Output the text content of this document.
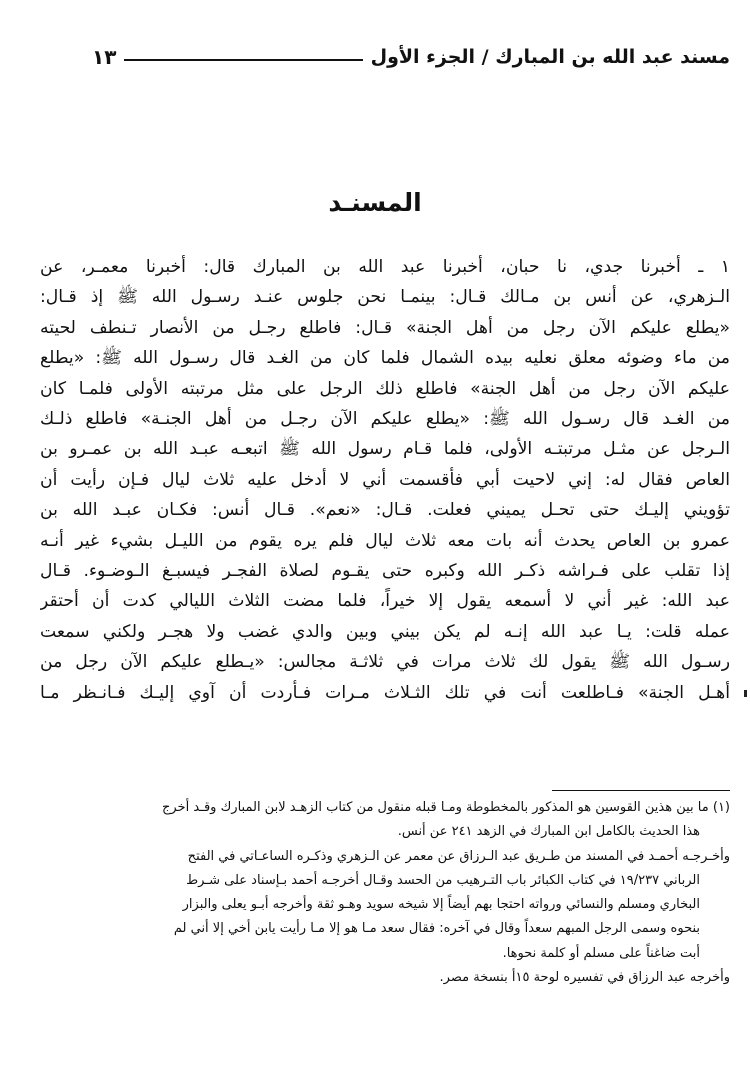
مسند عبد الله بن المبارك / الجزء الأول
١٣
المسنـد
١ ـ أخبرنا جدي، نا حبان، أخبرنا عبد الله بن المبارك قال: أخبرنا معمـر، عن
الـزهري، عن أنس بن مـالك قـال: بينمـا نحن جلوس عنـد رسـول الله ﷺ إذ قـال:
«يطلع عليكم الآن رجل من أهل الجنة» قـال: فاطلع رجـل من الأنصار تـنطف لحيته
من ماء وضوئه معلق نعليه بيده الشمال فلما كان من الغـد قال رسـول الله ﷺ: «يطلع
عليكم الآن رجل من أهل الجنة» فاطلع ذلك الرجل على مثل مرتبته الأولى فلمـا كان
من الغـد قال رسـول الله ﷺ: «يطلع عليكم الآن رجـل من أهل الجنـة» فاطلع ذلـك
الـرجل عن مثـل مرتبتـه الأولى، فلما قـام رسول الله ﷺ اتبعـه عبـد الله بن عمـرو بن
العاص فقال له: إني لاحيت أبي فأقسمت أني لا أدخل عليه ثلاث ليال فـإن رأيت أن
تؤويني إليـك حتى تحـل يميني فعلت. قـال: «نعم». قـال أنس: فكـان عبـد الله بن
عمرو بن العاص يحدث أنه بات معه ثلاث ليال فلم يره يقوم من الليـل بشيء غير أنـه
إذا تقلب على فـراشه ذكـر الله وكبره حتى يقـوم لصلاة الفجـر فيسبـغ الـوضـوء. قـال
عبد الله: غير أني لا أسمعه يقول إلا خيراً، فلما مضت الثلاث الليالي كدت أن أحتقر
عمله قلت: يـا عبد الله إنـه لم يكن بيني وبين والدي غضب ولا هجـر ولكني سمعت
رسـول الله ﷺ يقول لك ثلاث مرات في ثلاثـة مجالس: «يـطلع عليكم الآن رجل من
أهـل الجنة» فـاطلعت أنت في تلك الثـلاث مـرات فـأردت أن آوي إليـك فـانـظر مـا
(١) ما بين هذين القوسين هو المذكور بالمخطوطة ومـا قبله منقول من كتاب الزهـد لابن المبارك وقـد أخرج
هذا الحديث بالكامل ابن المبارك في الزهد ٢٤١ عن أنس.
وأخـرجـه أحمـد في المسند من طـريق عبد الـرزاق عن معمر عن الـزهري وذكـره الساعـاتي في الفتح
الرباني ١٩/٢٣٧ في كتاب الكبائر باب التـرهيب من الحسد وقـال أخرجـه أحمد بـإسناد على شـرط
البخاري ومسلم والنسائي ورواته احتجا بهم أيضاً إلا شيخه سويد وهـو ثقة وأخرجه أبـو يعلى والبزار
بنحوه وسمى الرجل المبهم سعداً وقال في آخره: فقال سعد مـا هو إلا مـا رأيت يابن أخي إلا أني لم
أبت ضاغناً على مسلم أو كلمة نحوها.
وأخرجه عبد الرزاق في تفسيره لوحة ١٥أ بنسخة مصر.
